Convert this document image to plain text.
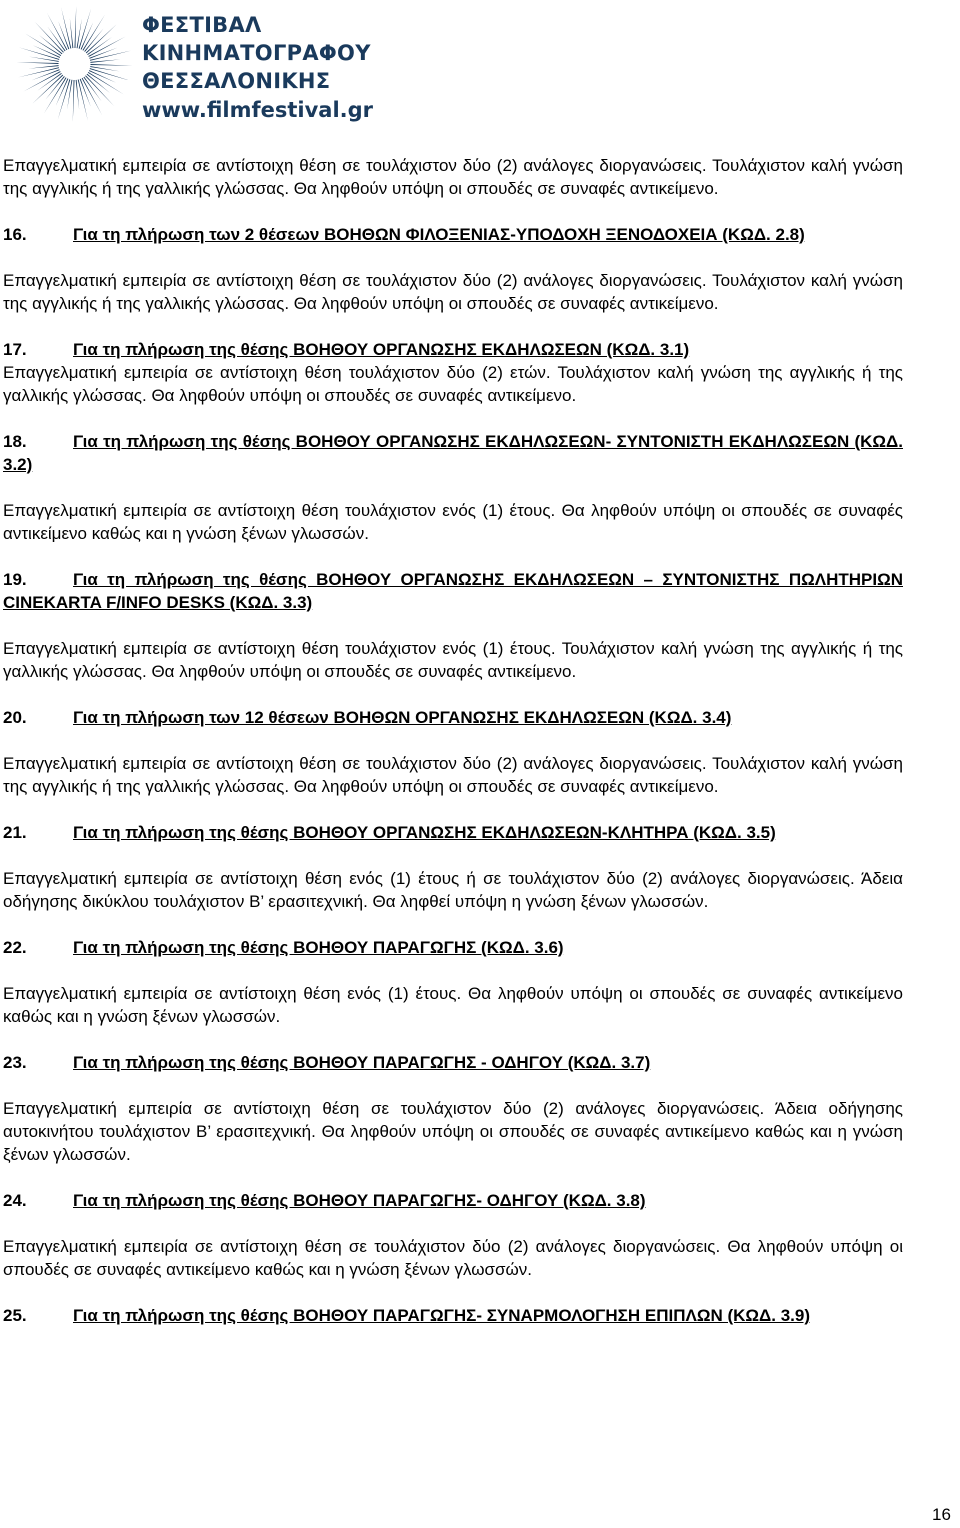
ΦΕΣΤΙΒΑΛ
ΚΙΝΗΜΑΤΟΓΡΑΦΟΥ
ΘΕΣΣΑΛΟΝΙΚΗΣ
www.filmfestival.gr

Επαγγελματική εμπειρία σε αντίστοιχη θέση σε τουλάχιστον δύο (2) ανάλογες διοργανώσεις. Τουλάχιστον καλή γνώση της αγγλικής ή της γαλλικής γλώσσας. Θα ληφθούν υπόψη οι σπουδές σε συναφές αντικείμενο.

16.	Για τη πλήρωση των 2 θέσεων ΒΟΗΘΩΝ ΦΙΛΟΞΕΝΙΑΣ-ΥΠΟΔΟΧΗ ΞΕΝΟΔΟΧΕΙΑ (ΚΩΔ. 2.8)

Επαγγελματική εμπειρία σε αντίστοιχη θέση σε τουλάχιστον δύο (2) ανάλογες διοργανώσεις. Τουλάχιστον καλή γνώση της αγγλικής ή της γαλλικής γλώσσας. Θα ληφθούν υπόψη οι σπουδές σε συναφές αντικείμενο.

17.	Για τη πλήρωση της θέσης ΒΟΗΘΟΥ ΟΡΓΑΝΩΣΗΣ ΕΚΔΗΛΩΣΕΩΝ (ΚΩΔ. 3.1)

Επαγγελματική εμπειρία σε αντίστοιχη θέση τουλάχιστον δύο (2) ετών. Τουλάχιστον καλή γνώση της αγγλικής ή της γαλλικής γλώσσας. Θα ληφθούν υπόψη οι σπουδές σε συναφές αντικείμενο.

18.	Για τη πλήρωση της θέσης ΒΟΗΘΟΥ ΟΡΓΑΝΩΣΗΣ ΕΚΔΗΛΩΣΕΩΝ- ΣΥΝΤΟΝΙΣΤΗ ΕΚΔΗΛΩΣΕΩΝ (ΚΩΔ. 3.2)

Επαγγελματική εμπειρία σε αντίστοιχη θέση τουλάχιστον ενός (1) έτους. Θα ληφθούν υπόψη οι σπουδές σε συναφές αντικείμενο καθώς και η γνώση ξένων γλωσσών.

19.	Για τη πλήρωση της θέσης ΒΟΗΘΟΥ ΟΡΓΑΝΩΣΗΣ ΕΚΔΗΛΩΣΕΩΝ – ΣΥΝΤΟΝΙΣΤΗΣ ΠΩΛΗΤΗΡΙΩΝ CINEKARTA F/INFO DESKS (ΚΩΔ. 3.3)

Επαγγελματική εμπειρία σε αντίστοιχη θέση τουλάχιστον ενός (1) έτους. Τουλάχιστον καλή γνώση της αγγλικής ή της γαλλικής γλώσσας. Θα ληφθούν υπόψη οι σπουδές σε συναφές αντικείμενο.

20.	Για τη πλήρωση των 12 θέσεων ΒΟΗΘΩΝ ΟΡΓΑΝΩΣΗΣ ΕΚΔΗΛΩΣΕΩΝ (ΚΩΔ. 3.4)

Επαγγελματική εμπειρία σε αντίστοιχη θέση σε τουλάχιστον δύο (2) ανάλογες διοργανώσεις. Τουλάχιστον καλή γνώση της αγγλικής ή της γαλλικής γλώσσας. Θα ληφθούν υπόψη οι σπουδές σε συναφές αντικείμενο.

21.	Για τη πλήρωση της θέσης ΒΟΗΘΟΥ ΟΡΓΑΝΩΣΗΣ ΕΚΔΗΛΩΣΕΩΝ-ΚΛΗΤΗΡΑ (ΚΩΔ. 3.5)

Επαγγελματική εμπειρία σε αντίστοιχη θέση ενός (1) έτους ή σε τουλάχιστον δύο (2) ανάλογες διοργανώσεις. Άδεια οδήγησης δικύκλου τουλάχιστον Β’ ερασιτεχνική. Θα ληφθεί υπόψη η γνώση ξένων γλωσσών.

22.	Για τη πλήρωση της θέσης ΒΟΗΘΟΥ ΠΑΡΑΓΩΓΗΣ (ΚΩΔ. 3.6)

Επαγγελματική εμπειρία σε αντίστοιχη θέση ενός (1) έτους. Θα ληφθούν υπόψη οι σπουδές σε συναφές αντικείμενο καθώς και η γνώση ξένων γλωσσών.

23.	Για τη πλήρωση της θέσης ΒΟΗΘΟΥ ΠΑΡΑΓΩΓΗΣ - ΟΔΗΓΟΥ (ΚΩΔ. 3.7)

Επαγγελματική εμπειρία σε αντίστοιχη θέση σε τουλάχιστον δύο (2) ανάλογες διοργανώσεις. Άδεια οδήγησης αυτοκινήτου τουλάχιστον Β’ ερασιτεχνική. Θα ληφθούν υπόψη οι σπουδές σε συναφές αντικείμενο καθώς και η γνώση ξένων γλωσσών.

24.	Για τη πλήρωση της θέσης ΒΟΗΘΟΥ ΠΑΡΑΓΩΓΗΣ- ΟΔΗΓΟΥ (ΚΩΔ. 3.8)

Επαγγελματική εμπειρία σε αντίστοιχη θέση σε τουλάχιστον δύο (2) ανάλογες διοργανώσεις. Θα ληφθούν υπόψη οι σπουδές σε συναφές αντικείμενο καθώς και η γνώση ξένων γλωσσών.

25.	Για τη πλήρωση της θέσης ΒΟΗΘΟΥ ΠΑΡΑΓΩΓΗΣ- ΣΥΝΑΡΜΟΛΟΓΗΣΗ ΕΠΙΠΛΩΝ (ΚΩΔ. 3.9)

16
